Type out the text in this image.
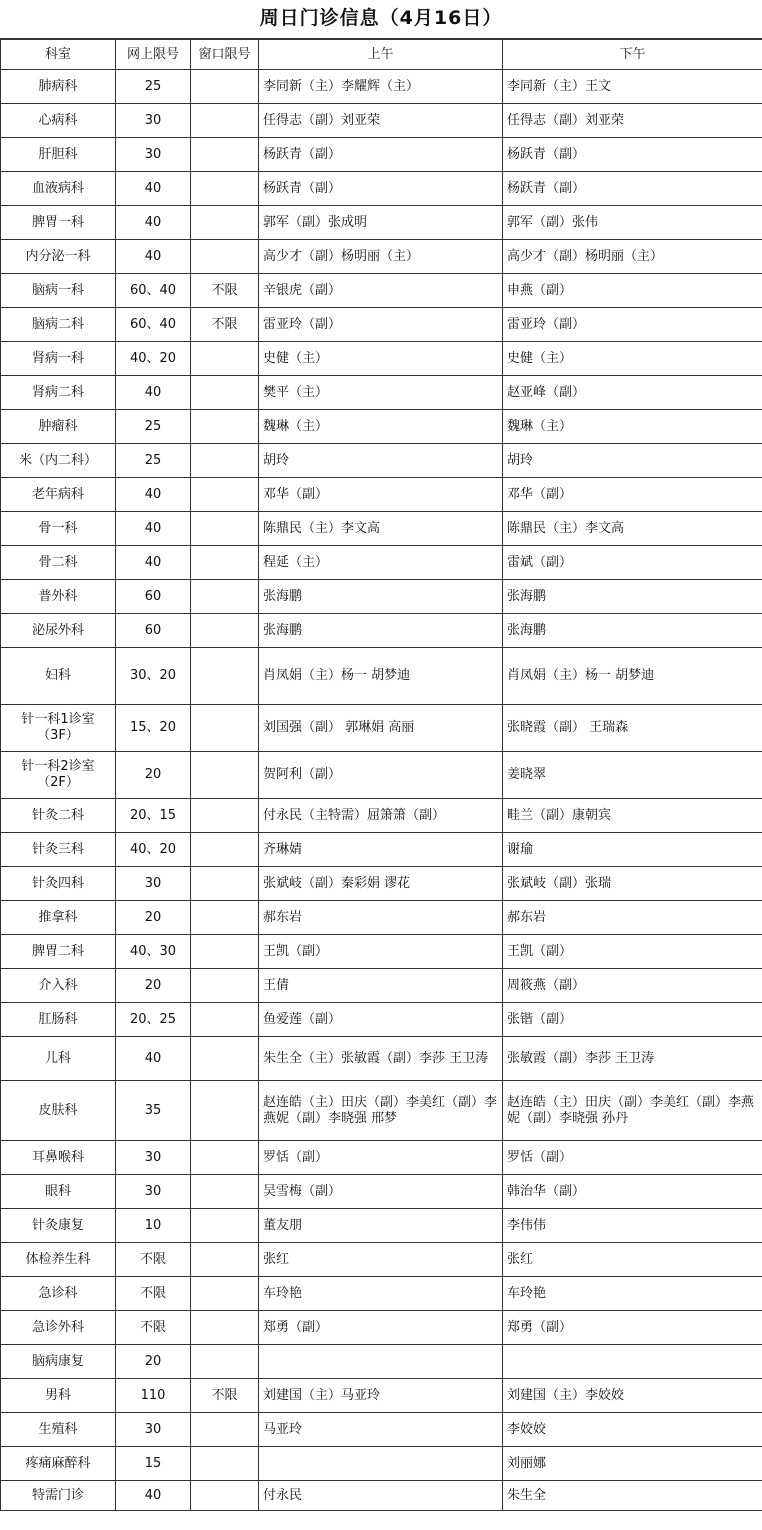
周日门诊信息（4月16日）
科室	网上限号	窗口限号	上午	下午
肺病科	25		李同新（主）李耀辉（主）	李同新（主）王文
心病科	30		任得志（副）刘亚荣	任得志（副）刘亚荣
肝胆科	30		杨跃青（副）	杨跃青（副）
血液病科	40		杨跃青（副）	杨跃青（副）
脾胃一科	40		郭军（副）张成明	郭军（副）张伟
内分泌一科	40		高少才（副）杨明丽（主）	高少才（副）杨明丽（主）
脑病一科	60、40	不限	辛银虎（副）	申燕（副）
脑病二科	60、40	不限	雷亚玲（副）	雷亚玲（副）
肾病一科	40、20		史健（主）	史健（主）
肾病二科	40		樊平（主）	赵亚峰（副）
肿瘤科	25		魏琳（主）	魏琳（主）
米（内二科）	25		胡玲	胡玲
老年病科	40		邓华（副）	邓华（副）
骨一科	40		陈鼎民（主）李文高	陈鼎民（主）李文高
骨二科	40		程延（主）	雷斌（副）
普外科	60		张海鹏	张海鹏
泌尿外科	60		张海鹏	张海鹏
妇科	30、20		肖凤娟（主）杨一 胡梦迪	肖凤娟（主）杨一 胡梦迪
针一科1诊室（3F）	15、20		刘国强（副） 郭琳娟 高丽	张晓霞（副） 王瑞森
针一科2诊室（2F）	20		贺阿利（副）	姜晓翠
针灸二科	20、15		付永民（主特需）屈箫箫（副）	畦兰（副）康朝宾
针灸三科	40、20		齐琳婧	谢瑜
针灸四科	30		张斌岐（副）秦彩娟 谬花	张斌岐（副）张瑞
推拿科	20		郝东岩	郝东岩
脾胃二科	40、30		王凯（副）	王凯（副）
介入科	20		王倩	周筱燕（副）
肛肠科	20、25		鱼爱莲（副）	张锴（副）
儿科	40		朱生全（主）张敏霞（副）李莎 王卫涛	张敏霞（副）李莎 王卫涛
皮肤科	35		赵连皓（主）田庆（副）李美红（副）李燕妮（副）李晓强 邢梦	赵连皓（主）田庆（副）李美红（副）李燕妮（副）李晓强 孙丹
耳鼻喉科	30		罗恬（副）	罗恬（副）
眼科	30		吴雪梅（副）	韩治华（副）
针灸康复	10		董友朋	李伟伟
体检养生科	不限		张红	张红
急诊科	不限		车玲艳	车玲艳
急诊外科	不限		郑勇（副）	郑勇（副）
脑病康复	20			
男科	110	不限	刘建国（主）马亚玲	刘建国（主）李姣姣
生殖科	30		马亚玲	李姣姣
疼痛麻醉科	15			刘丽娜
特需门诊	40		付永民	朱生全
